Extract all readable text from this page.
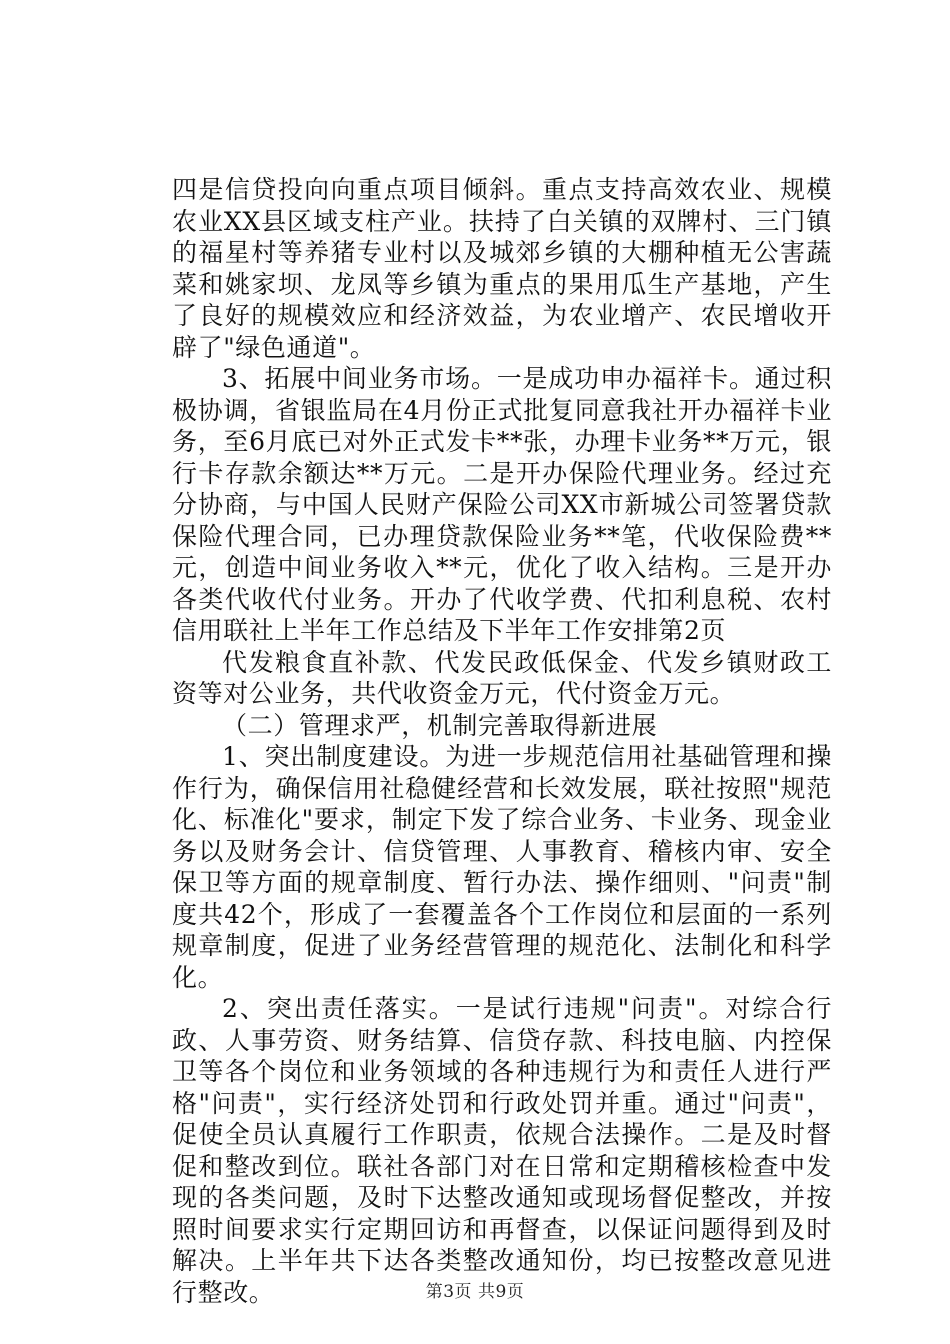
四是信贷投向向重点项目倾斜。重点支持高效农业、规模农业XX县区域支柱产业。扶持了白关镇的双牌村、三门镇的福星村等养猪专业村以及城郊乡镇的大棚种植无公害蔬菜和姚家坝、龙凤等乡镇为重点的果用瓜生产基地，产生了良好的规模效应和经济效益，为农业增产、农民增收开辟了"绿色通道"。

3、拓展中间业务市场。一是成功申办福祥卡。通过积极协调，省银监局在4月份正式批复同意我社开办福祥卡业务，至6月底已对外正式发卡**张，办理卡业务**万元，银行卡存款余额达**万元。二是开办保险代理业务。经过充分协商，与中国人民财产保险公司XX市新城公司签署贷款保险代理合同，已办理贷款保险业务**笔，代收保险费**元，创造中间业务收入**元，优化了收入结构。三是开办各类代收代付业务。开办了代收学费、代扣利息税、农村信用联社上半年工作总结及下半年工作安排第2页

代发粮食直补款、代发民政低保金、代发乡镇财政工资等对公业务，共代收资金万元，代付资金万元。

（二）管理求严，机制完善取得新进展

1、突出制度建设。为进一步规范信用社基础管理和操作行为，确保信用社稳健经营和长效发展，联社按照"规范化、标准化"要求，制定下发了综合业务、卡业务、现金业务以及财务会计、信贷管理、人事教育、稽核内审、安全保卫等方面的规章制度、暂行办法、操作细则、"问责"制度共42个，形成了一套覆盖各个工作岗位和层面的一系列规章制度，促进了业务经营管理的规范化、法制化和科学化。

2、突出责任落实。一是试行违规"问责"。对综合行政、人事劳资、财务结算、信贷存款、科技电脑、内控保卫等各个岗位和业务领域的各种违规行为和责任人进行严格"问责"，实行经济处罚和行政处罚并重。通过"问责"，促使全员认真履行工作职责，依规合法操作。二是及时督促和整改到位。联社各部门对在日常和定期稽核检查中发现的各类问题，及时下达整改通知或现场督促整改，并按照时间要求实行定期回访和再督查，以保证问题得到及时解决。上半年共下达各类整改通知份，均已按整改意见进行整改。	第3页 共9页
